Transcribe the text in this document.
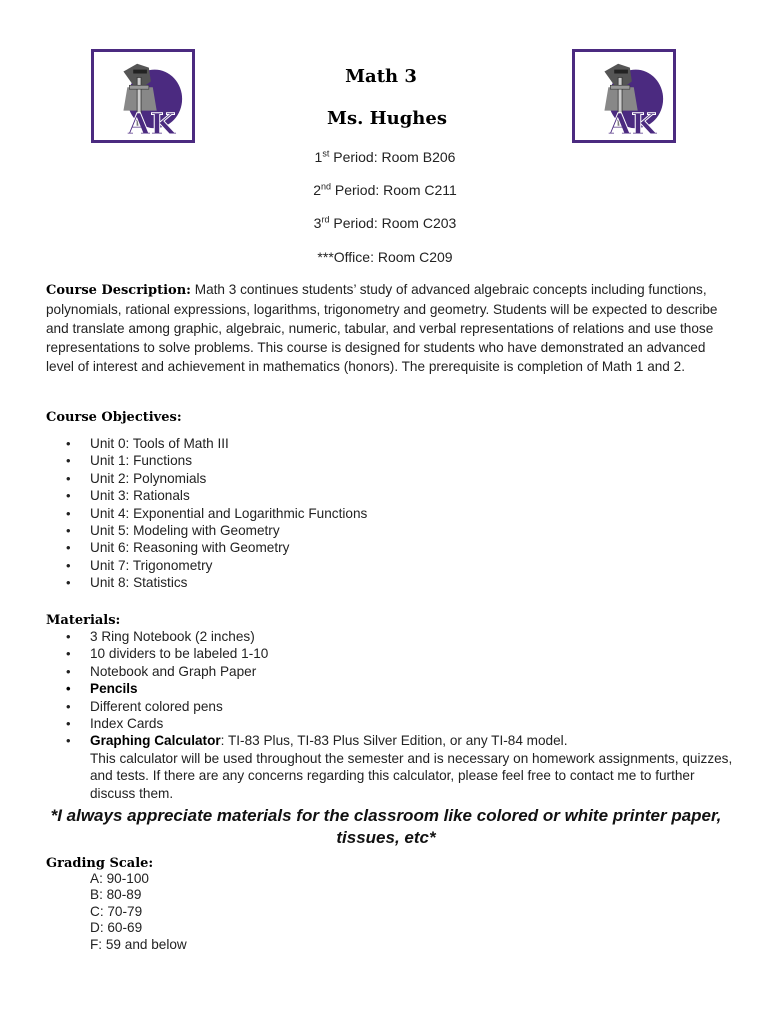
AK	AK
Math 3
Ms. Hughes
1st Period: Room B206
2nd Period: Room C211
3rd Period: Room C203
***Office: Room C209
Course Description: Math 3 continues students’ study of advanced algebraic concepts including functions, polynomials, rational expressions, logarithms, trigonometry and geometry. Students will be expected to describe and translate among graphic, algebraic, numeric, tabular, and verbal representations of relations and use those representations to solve problems. This course is designed for students who have demonstrated an advanced level of interest and achievement in mathematics (honors). The prerequisite is completion of Math 1 and 2.
Course Objectives:
• Unit 0: Tools of Math III
• Unit 1: Functions
• Unit 2: Polynomials
• Unit 3: Rationals
• Unit 4: Exponential and Logarithmic Functions
• Unit 5: Modeling with Geometry
• Unit 6: Reasoning with Geometry
• Unit 7: Trigonometry
• Unit 8: Statistics
Materials:
• 3 Ring Notebook (2 inches)
• 10 dividers to be labeled 1-10
• Notebook and Graph Paper
• Pencils
• Different colored pens
• Index Cards
• Graphing Calculator: TI-83 Plus, TI-83 Plus Silver Edition, or any TI-84 model.
This calculator will be used throughout the semester and is necessary on homework assignments, quizzes, and tests. If there are any concerns regarding this calculator, please feel free to contact me to further discuss them.
*I always appreciate materials for the classroom like colored or white printer paper, tissues, etc*
Grading Scale:
A: 90-100
B: 80-89
C: 70-79
D: 60-69
F: 59 and below
